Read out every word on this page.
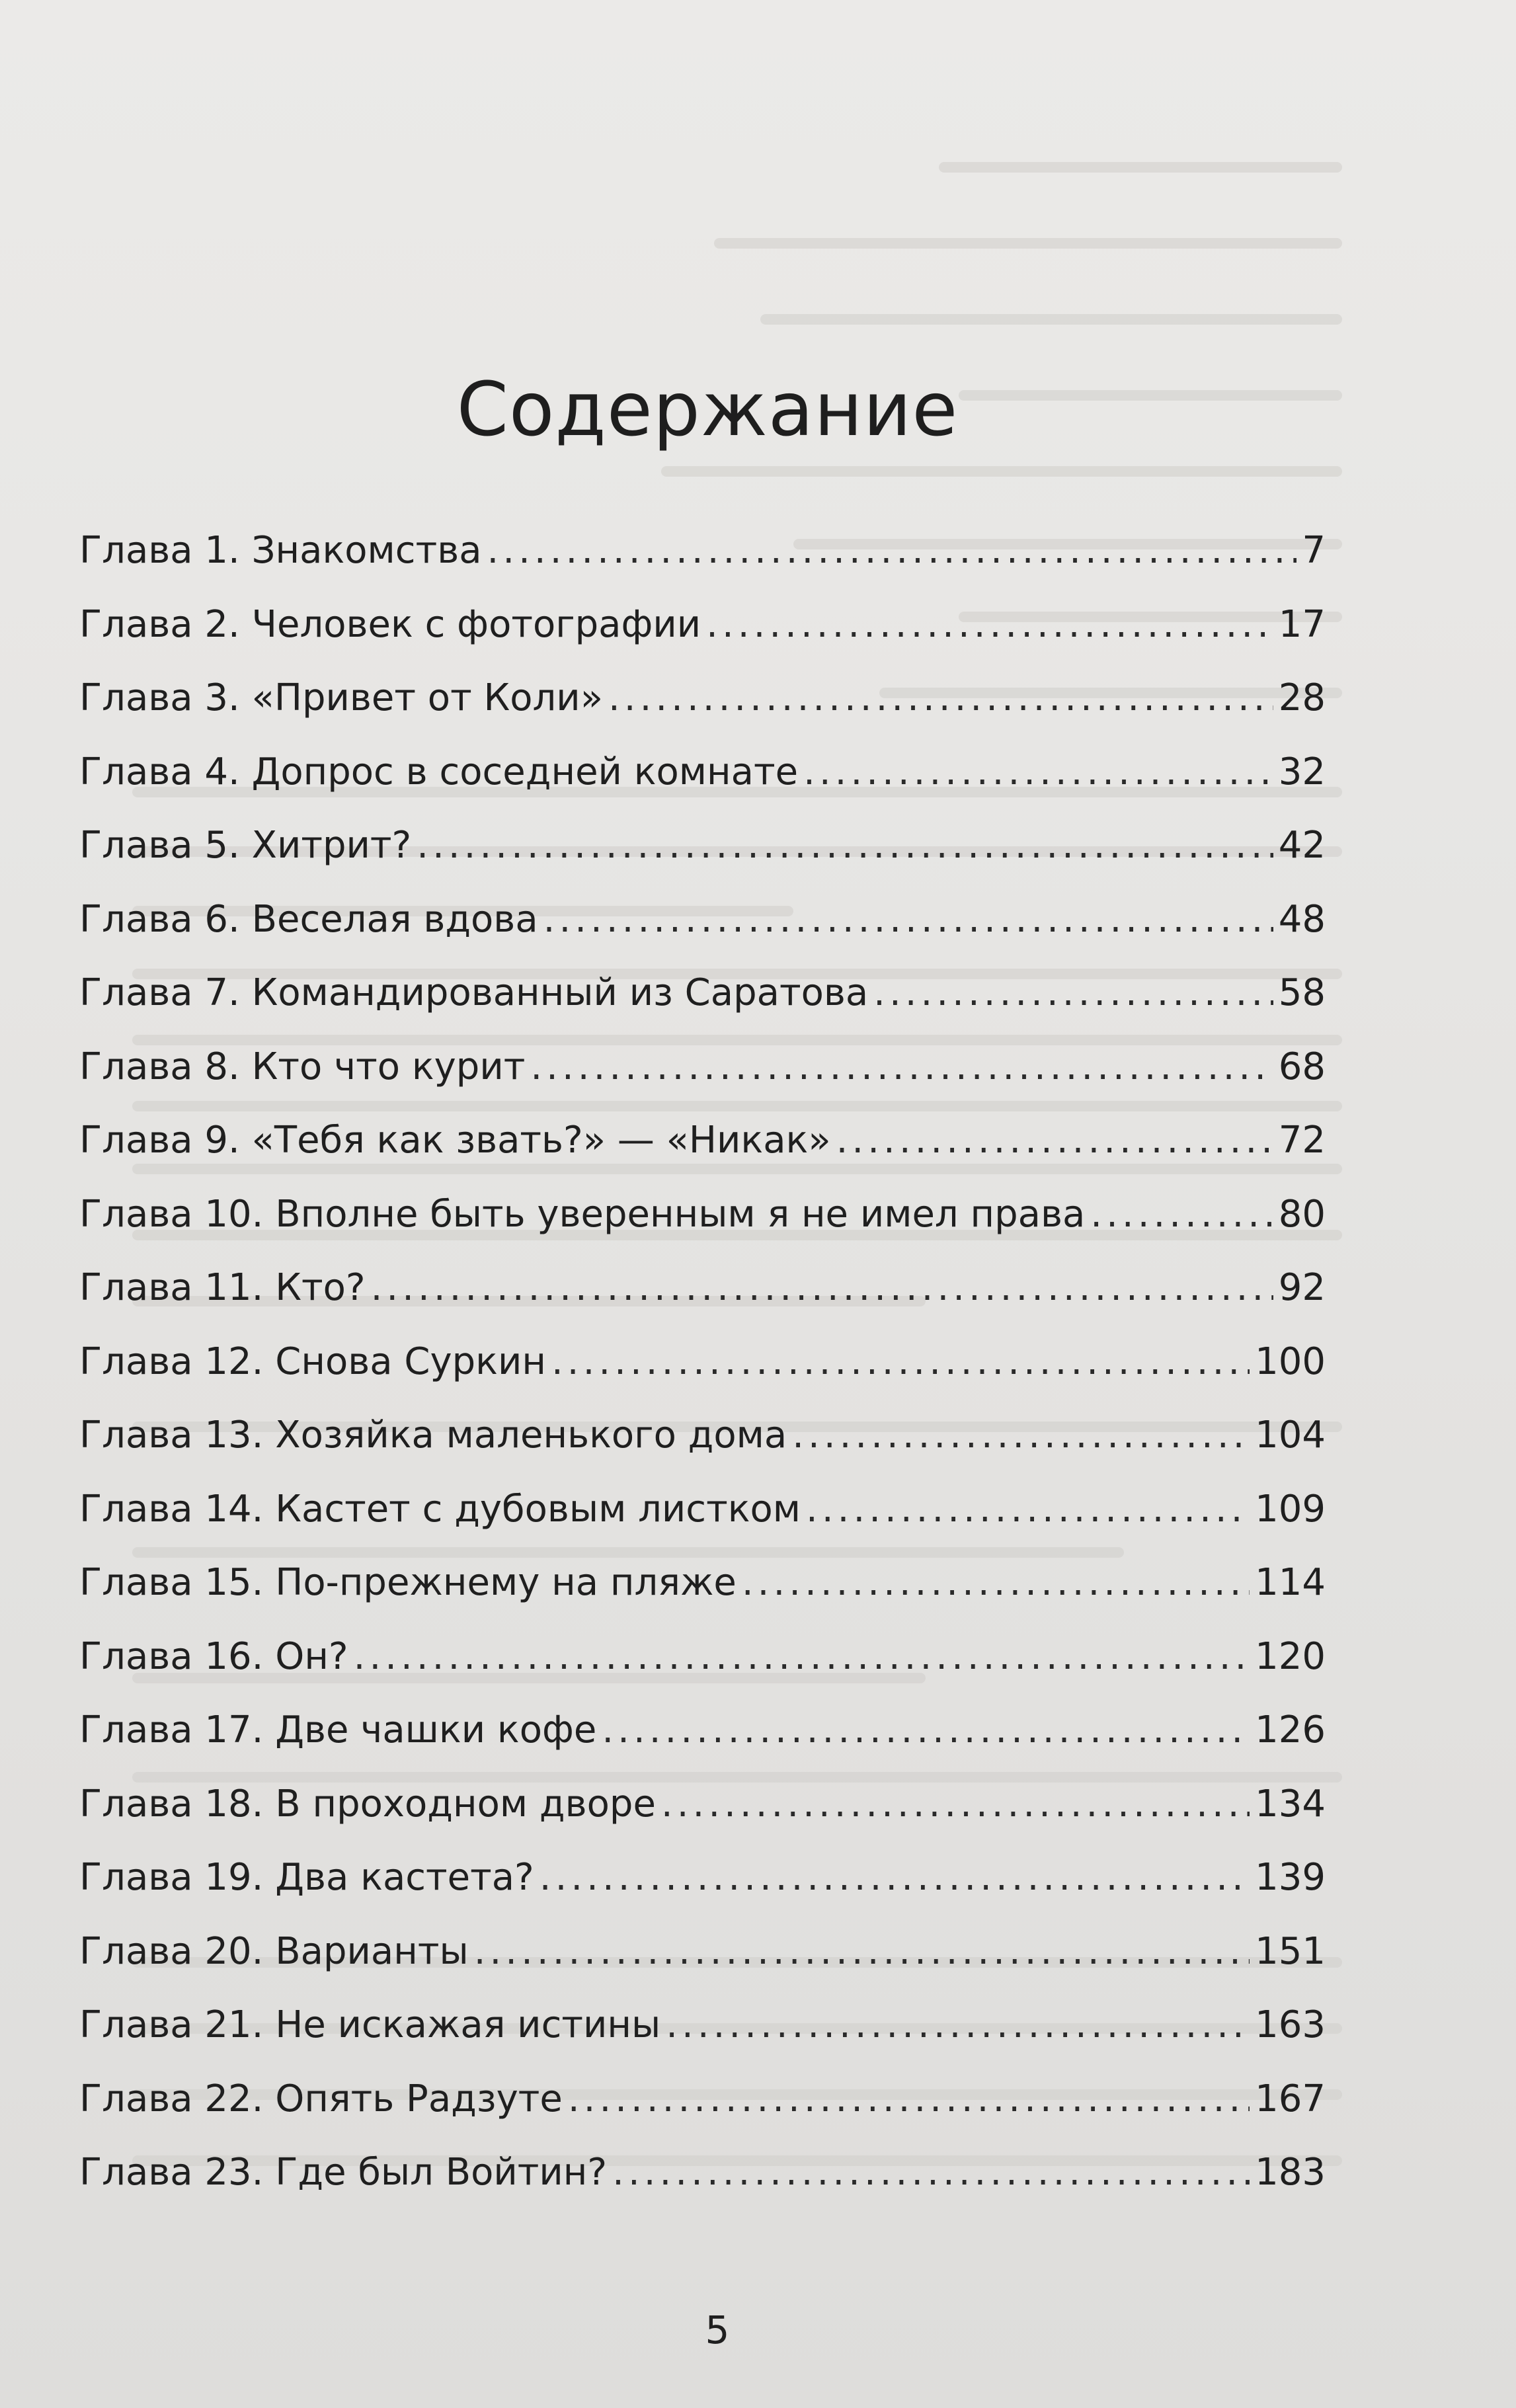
Содержание
Глава 1. Знакомства .....	7
Глава 2. Человек с фотографии .....	17
Глава 3. «Привет от Коли» .....	28
Глава 4. Допрос в соседней комнате .....	32
Глава 5. Хитрит? .....	42
Глава 6. Веселая вдова .....	48
Глава 7. Командированный из Саратова .....	58
Глава 8. Кто что курит .....	68
Глава 9. «Тебя как звать?» — «Никак» .....	72
Глава 10. Вполне быть уверенным я не имел права .....	80
Глава 11. Кто? .....	92
Глава 12. Снова Суркин .....	100
Глава 13. Хозяйка маленького дома .....	104
Глава 14. Кастет с дубовым листком .....	109
Глава 15. По-прежнему на пляже .....	114
Глава 16. Он? .....	120
Глава 17. Две чашки кофе .....	126
Глава 18. В проходном дворе .....	134
Глава 19. Два кастета? .....	139
Глава 20. Варианты .....	151
Глава 21. Не искажая истины .....	163
Глава 22. Опять Радзуте .....	167
Глава 23. Где был Войтин? .....	183
5
